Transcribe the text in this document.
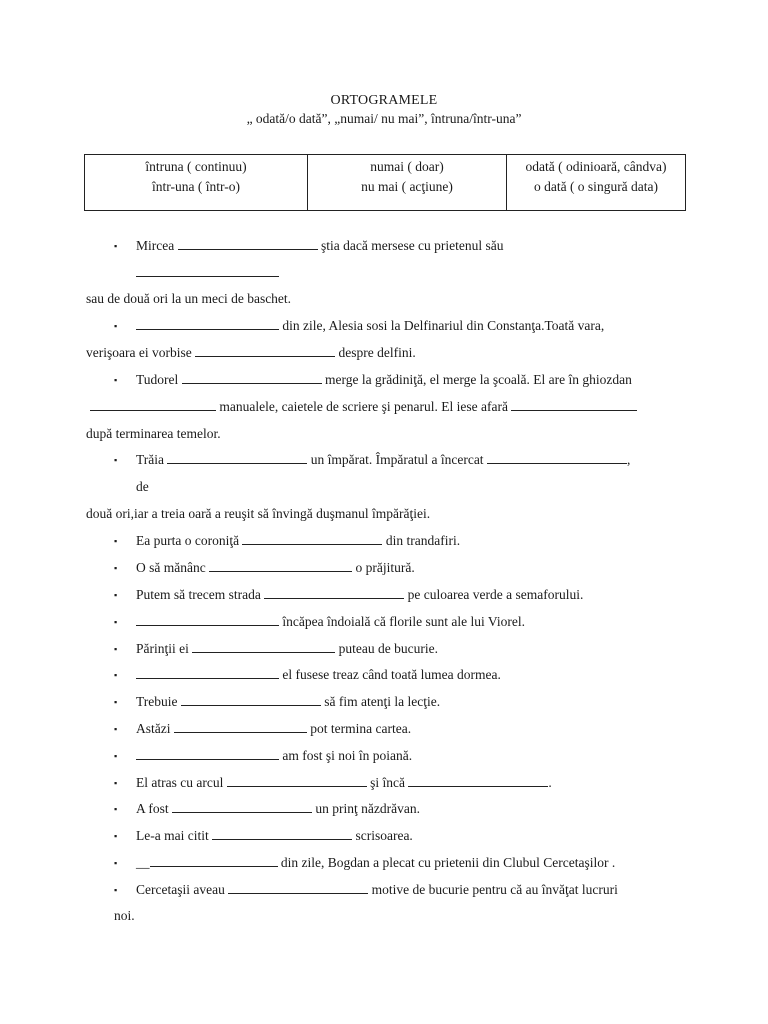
ORTOGRAMELE
„ odată/o dată”, „numai/ nu mai”, întruna/într-una”
întruna ( continuu)
într-una ( într-o)

numai ( doar)
nu mai ( acţiune)

odată ( odinioară, cândva)
o dată ( o singură data)
▪ Mircea	ştia dacă mersese cu prietenul său
sau de două ori la un meci de baschet.
▪	din zile, Alesia sosi la Delfinariul din Constanţa.Toată vara,
verişoara ei vorbise	despre delfini.
▪ Tudorel	merge la grădiniţă, el merge la şcoală. El are în ghiozdan
manualele, caietele de scriere şi penarul. El iese afară
după terminarea temelor.
▪ Trăia	un împărat. Împăratul a încercat	,
de
două ori,iar a treia oară a reuşit să învingă duşmanul împărăţiei.
▪ Ea purta o coroniţă	din trandafiri.
▪ O să mănânc	o prăjitură.
▪ Putem să trecem strada	pe culoarea verde a semaforului.
▪	încăpea îndoială că florile sunt ale lui Viorel.
▪ Părinţii ei	puteau de bucurie.
▪	el fusese treaz când toată lumea dormea.
▪ Trebuie	să fim atenţi la lecţie.
▪ Astăzi	pot termina cartea.
▪	am fost şi noi în poiană.
▪ El atras cu arcul	şi încă	.
▪ A fost	un prinţ năzdrăvan.
▪ Le-a mai citit	scrisoarea.
▪ __	din zile, Bogdan a plecat cu prietenii din Clubul Cercetaşilor .
▪ Cercetaşii aveau	motive de bucurie pentru că au învăţat lucruri
noi.
